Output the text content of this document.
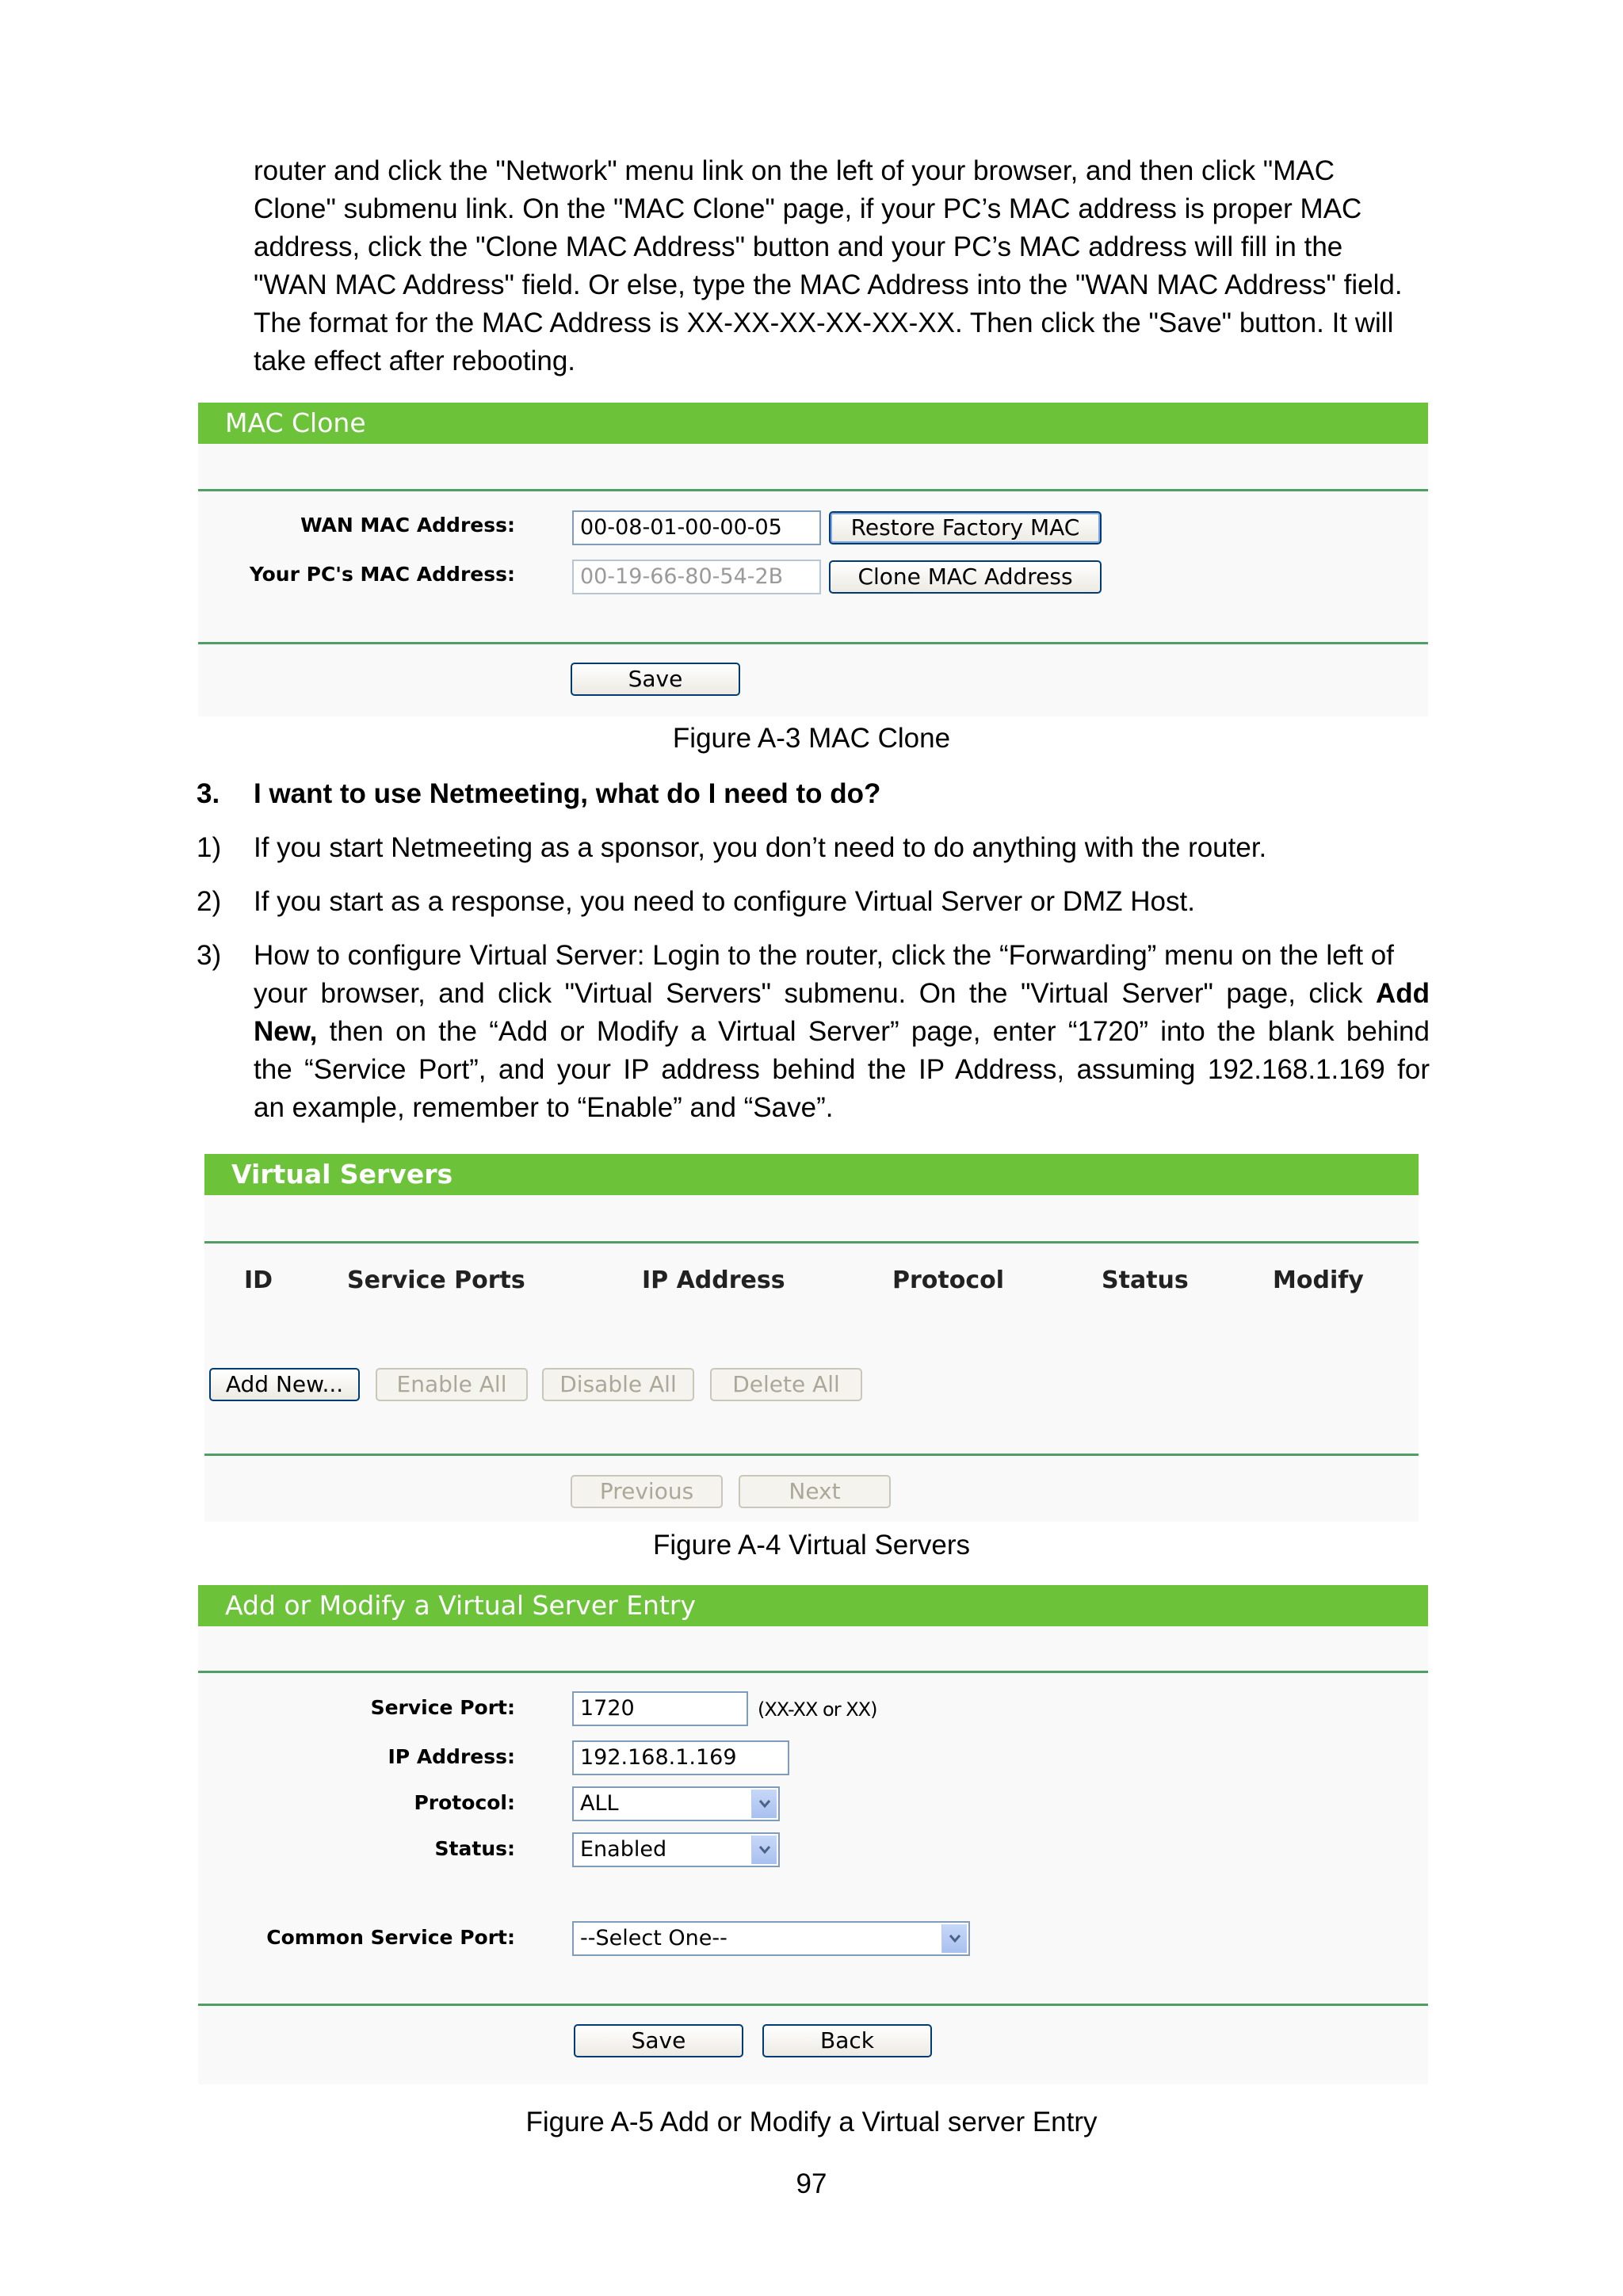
router and click the "Network" menu link on the left of your browser, and then click "MAC
Clone" submenu link. On the "MAC Clone" page, if your PC’s MAC address is proper MAC
address, click the "Clone MAC Address" button and your PC’s MAC address will fill in the
"WAN MAC Address" field. Or else, type the MAC Address into the "WAN MAC Address" field.
The format for the MAC Address is XX-XX-XX-XX-XX-XX. Then click the "Save" button. It will
take effect after rebooting.
MAC Clone
WAN MAC Address:	00-08-01-00-00-05	Restore Factory MAC
Your PC's MAC Address:	00-19-66-80-54-2B	Clone MAC Address
Save
Figure A-3 MAC Clone
3. I want to use Netmeeting, what do I need to do?
1) If you start Netmeeting as a sponsor, you don’t need to do anything with the router.
2) If you start as a response, you need to configure Virtual Server or DMZ Host.
3) How to configure Virtual Server: Login to the router, click the “Forwarding” menu on the left of
your browser, and click "Virtual Servers" submenu. On the "Virtual Server" page, click Add
New, then on the “Add or Modify a Virtual Server” page, enter “1720” into the blank behind
the “Service Port”, and your IP address behind the IP Address, assuming 192.168.1.169 for
an example, remember to “Enable” and “Save”.
Virtual Servers
ID	Service Ports	IP Address	Protocol	Status	Modify
Add New...	Enable All	Disable All	Delete All
Previous	Next
Figure A-4 Virtual Servers
Add or Modify a Virtual Server Entry
Service Port:	1720	(XX-XX or XX)
IP Address:	192.168.1.169
Protocol:	ALL
Status:	Enabled
Common Service Port:	--Select One--
Save	Back
Figure A-5 Add or Modify a Virtual server Entry
97
